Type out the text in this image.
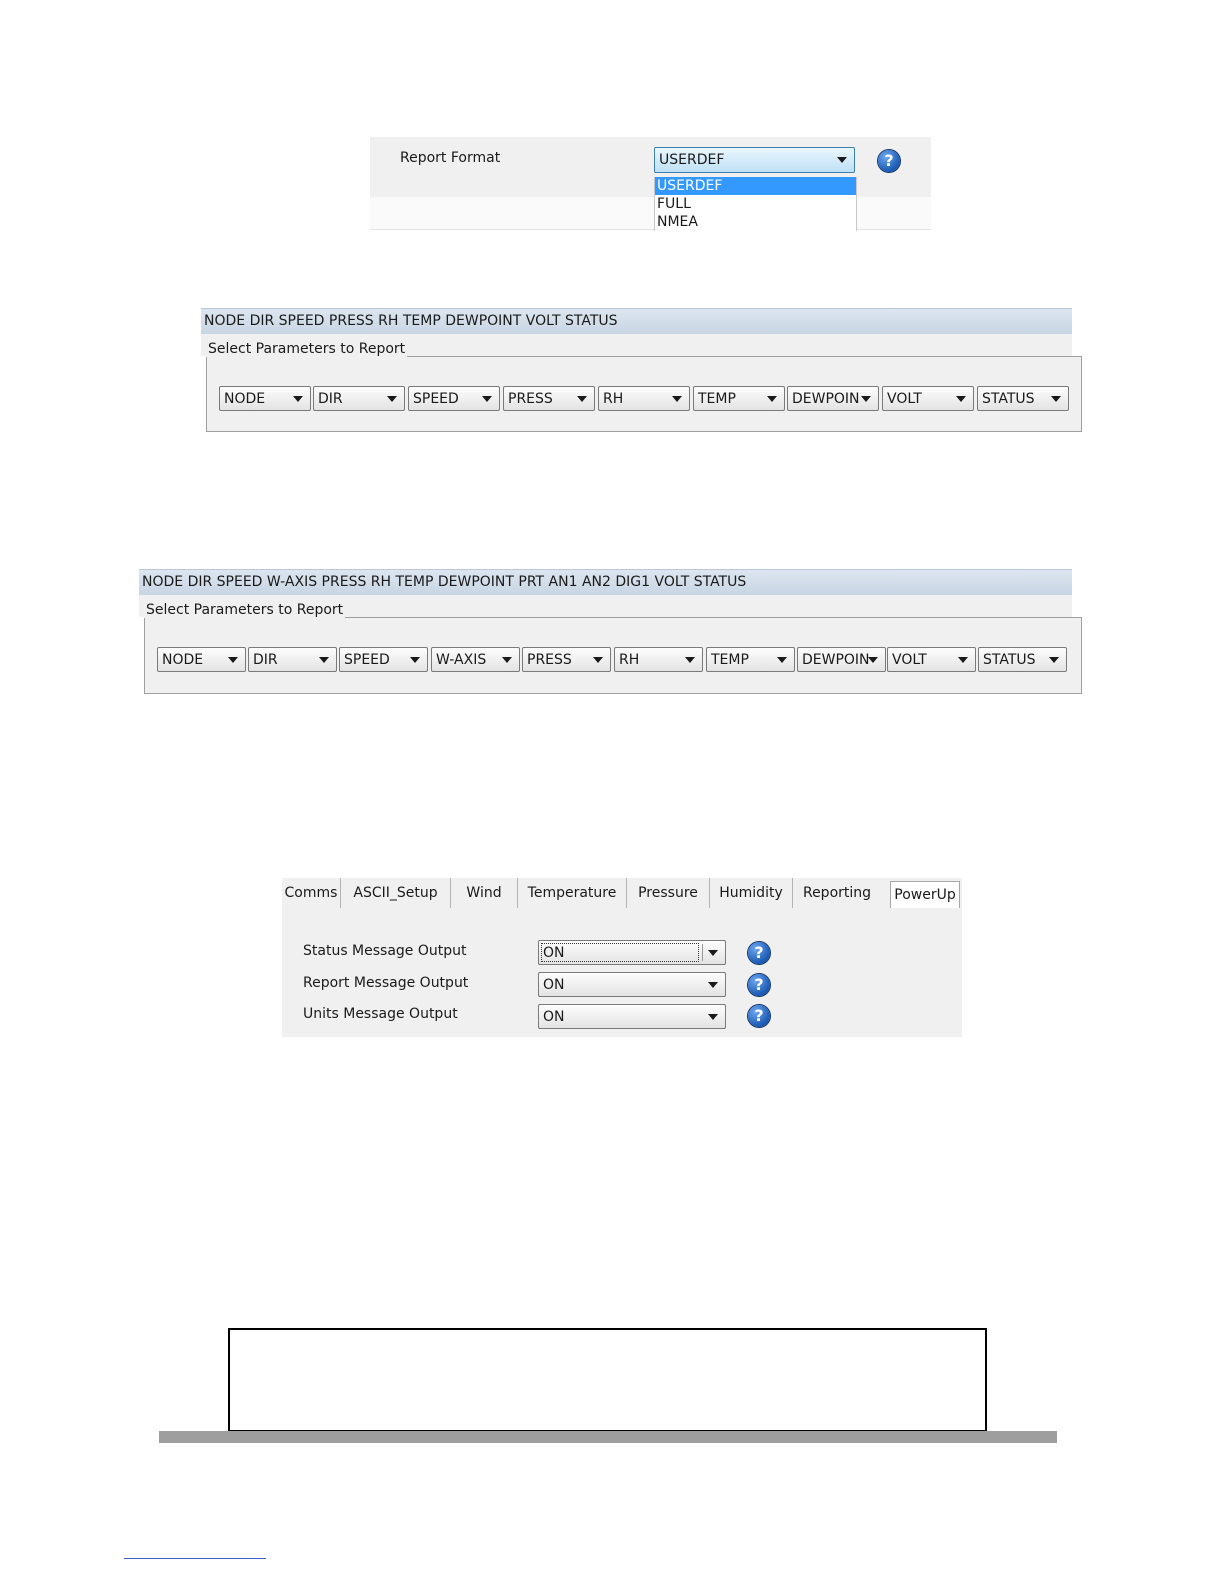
Report Format	USERDEF
USERDEF
FULL
NMEA
?
NODE DIR SPEED PRESS RH TEMP DEWPOINT VOLT STATUS
Select Parameters to Report
NODE	DIR	SPEED	PRESS	RH	TEMP	DEWPOIN VOLT	STATUS
NODE DIR SPEED W-AXIS PRESS RH TEMP DEWPOINT PRT AN1 AN2 DIG1 VOLT STATUS
Select Parameters to Report
NODE	DIR	SPEED	W-AXIS	PRESS	RH	TEMP	DEWPOIN VOLT	STATUS
Comms	ASCII_Setup	Wind	Temperature	Pressure	Humidity	Reporting	PowerUp
Status Message Output	ON	?
Report Message Output	ON	?
Units Message Output	ON	?
